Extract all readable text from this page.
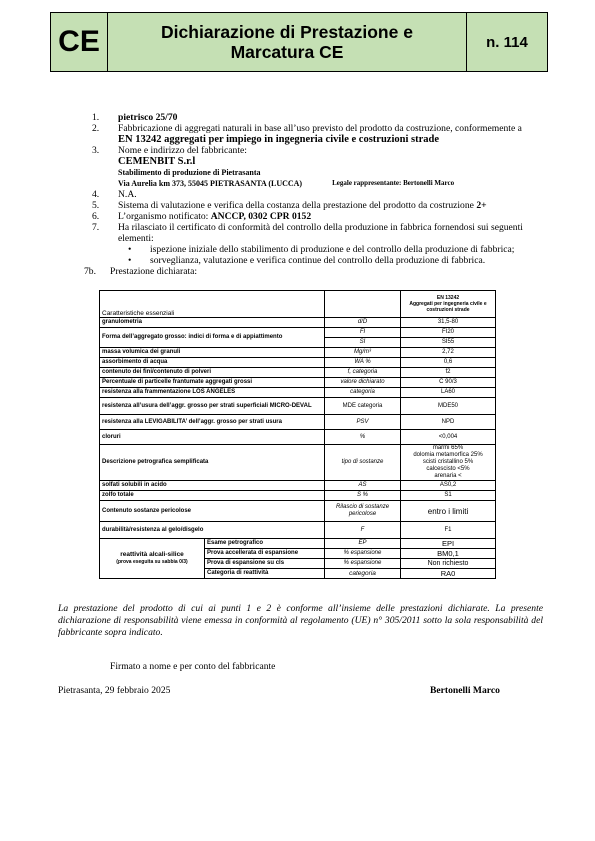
CE	Dichiarazione di Prestazione e
Marcatura CE	n. 114
1. pietrisco 25/70
2. Fabbricazione di aggregati naturali in base all’uso previsto del prodotto da costruzione, conformemente a
EN 13242 aggregati per impiego in ingegneria civile e costruzioni strade
3. Nome e indirizzo del fabbricante:
CEMENBIT S.r.l
Stabilimento di produzione di Pietrasanta

Via Aurelia km 373, 55045 PIETRASANTA (LUCCA)	Legale rappresentante: Bertonelli Marco
4. N.A.
5. Sistema di valutazione e verifica della costanza della prestazione del prodotto da costruzione 2+
6. L’organismo notificato: ANCCP, 0302 CPR 0152
7. Ha rilasciato il certificato di conformità del controllo della produzione in fabbrica fornendosi sui seguenti elementi:
• ispezione iniziale dello stabilimento di produzione e del controllo della produzione di fabbrica;
• sorveglianza, valutazione e verifica continue del controllo della produzione di fabbrica.
7b. Prestazione dichiarata:
Caratteristiche essenziali			EN 13242
Aggregati per ingegneria civile e costruzioni strade
granulometria		d/D	31,5-80
Forma dell’aggregato grosso: indici di forma e di appiattimento		FI	FI20
		SI	SI55
massa volumica dei granuli		Mg/m³	2,72
assorbimento di acqua		WA %	0,6
contenuto dei fini/contenuto di polveri		f, categoria	f2
Percentuale di particelle frantumate aggregati grossi		valore dichiarato	C 90/3
resistenza alla frammentazione LOS ANGELES		categoria	LA60
resistenza all’usura dell’aggr. grosso per strati superficiali MICRO-DEVAL		MDE categoria	MDE50
resistenza alla LEVIGABILITA’ dell’aggr. grosso per strati usura		PSV	NPD
cloruri		%	<0,004
Descrizione petrografica semplificata		tipo di sostanze	marmi 65%
dolomia metamorfica 25%
scisti cristallino 5%
calcescisto <5%
arenaria <
solfati solubili in acido		AS	AS0,2
zolfo totale		S %	S1
Contenuto sostanze pericolose		Rilascio di sostanze pericolose	entro i limiti
durabilità/resistenza al gelo/disgelo		F	F1
reattività alcali-silice
(prova eseguita su sabbia 0/3)	Esame petrografico	EP	EPI
	Prova accellerata di espansione	% espansione	BM0,1
	Prova di espansione su cls	% espansione	Non richiesto
	Categoria di reattività	categoria	RA0
La prestazione del prodotto di cui ai punti 1 e 2 è conforme all’insieme delle prestazioni dichiarate. La presente dichiarazione di responsabilità viene emessa in conformità al regolamento (UE) n° 305/2011 sotto la sola responsabilità del fabbricante sopra indicato.
Firmato a nome e per conto del fabbricante
Pietrasanta, 29 febbraio 2025	Bertonelli Marco
